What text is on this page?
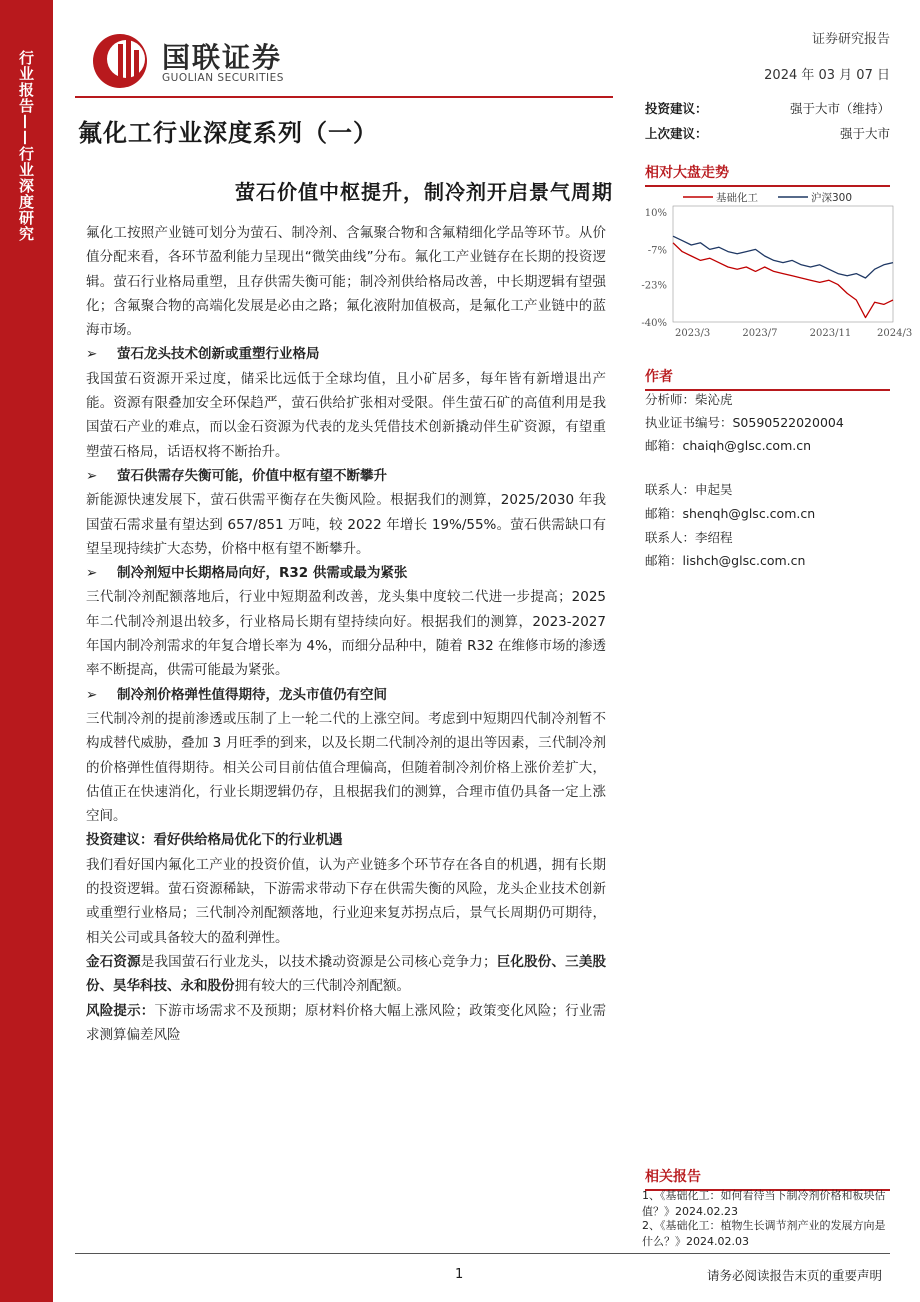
行业报告——行业深度研究	国联证券
GUOLIAN SECURITIES
证券研究报告
2024 年 03 月 07 日
氟化工行业深度系列（一）
萤石价值中枢提升，制冷剂开启景气周期

氟化工按照产业链可划分为萤石、制冷剂、含氟聚合物和含氟精细化学品等环节。从价值分配来看，各环节盈利能力呈现出“微笑曲线”分布。氟化工产业链存在长期的投资逻辑。萤石行业格局重塑，且存供需失衡可能；制冷剂供给格局改善，中长期逻辑有望强化；含氟聚合物的高端化发展是必由之路；氟化液附加值极高，是氟化工产业链中的蓝海市场。

➢	萤石龙头技术创新或重塑行业格局

我国萤石资源开采过度，储采比远低于全球均值，且小矿居多，每年皆有新增退出产能。资源有限叠加安全环保趋严，萤石供给扩张相对受限。伴生萤石矿的高值利用是我国萤石产业的难点，而以金石资源为代表的龙头凭借技术创新撬动伴生矿资源，有望重塑萤石格局，话语权将不断抬升。

➢	萤石供需存失衡可能，价值中枢有望不断攀升

新能源快速发展下，萤石供需平衡存在失衡风险。根据我们的测算，2025/2030 年我国萤石需求量有望达到 657/851 万吨，较 2022 年增长 19%/55%。萤石供需缺口有望呈现持续扩大态势，价格中枢有望不断攀升。

➢	制冷剂短中长期格局向好，R32 供需或最为紧张

三代制冷剂配额落地后，行业中短期盈利改善，龙头集中度较二代进一步提高；2025 年二代制冷剂退出较多，行业格局长期有望持续向好。根据我们的测算，2023-2027 年国内制冷剂需求的年复合增长率为 4%，而细分品种中，随着 R32 在维修市场的渗透率不断提高，供需可能最为紧张。

➢	制冷剂价格弹性值得期待，龙头市值仍有空间

三代制冷剂的提前渗透或压制了上一轮二代的上涨空间。考虑到中短期四代制冷剂暂不构成替代威胁，叠加 3 月旺季的到来，以及长期二代制冷剂的退出等因素，三代制冷剂的价格弹性值得期待。相关公司目前估值合理偏高，但随着制冷剂价格上涨价差扩大，估值正在快速消化，行业长期逻辑仍存，且根据我们的测算，合理市值仍具备一定上涨空间。

投资建议：看好供给格局优化下的行业机遇

我们看好国内氟化工产业的投资价值，认为产业链多个环节存在各自的机遇，拥有长期的投资逻辑。萤石资源稀缺，下游需求带动下存在供需失衡的风险，龙头企业技术创新或重塑行业格局；三代制冷剂配额落地，行业迎来复苏拐点后，景气长周期仍可期待，相关公司或具备较大的盈利弹性。

金石资源是我国萤石行业龙头，以技术撬动资源是公司核心竞争力；巨化股份、三美股份、昊华科技、永和股份拥有较大的三代制冷剂配额。

风险提示：下游市场需求不及预期；原材料价格大幅上涨风险；政策变化风险；行业需求测算偏差风险

投资建议：	强于大市（维持）
上次建议：	强于大市
相对大盘走势
基础化工	沪深300
10%
-7%
-23%
-40%
2023/3	2023/7	2023/11	2024/3
作者
分析师：柴沁虎
执业证书编号：S0590522020004
邮箱：chaiqh@glsc.com.cn
联系人：申起昊
邮箱：shenqh@glsc.com.cn
联系人：李绍程
邮箱：lishch@glsc.com.cn
相关报告
1、《基础化工：如何看待当下制冷剂价格和板块估值？》2024.02.23
2、《基础化工：植物生长调节剂产业的发展方向是什么？》2024.02.03
1	请务必阅读报告末页的重要声明
